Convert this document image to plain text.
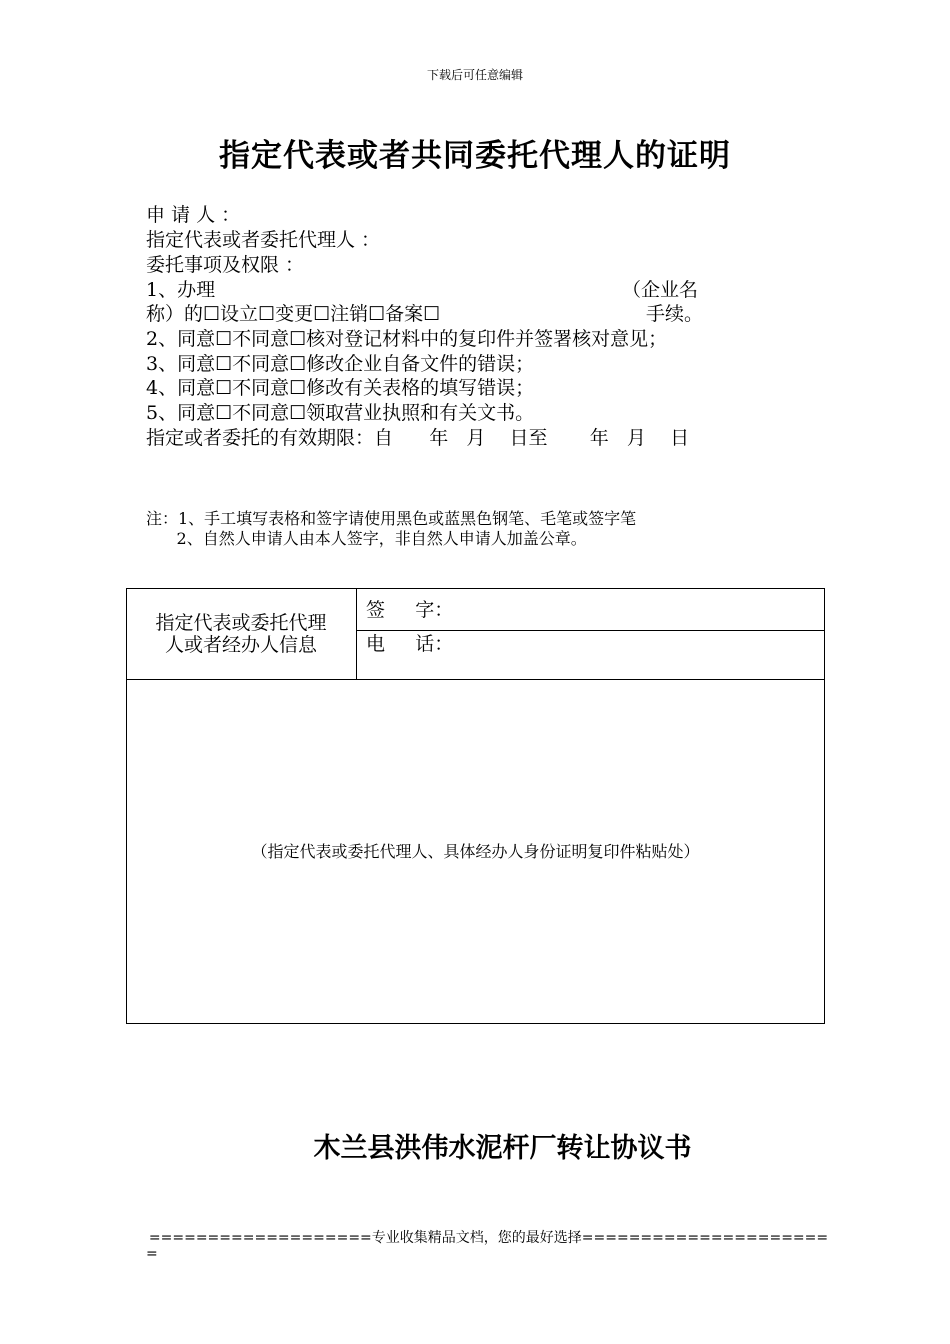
下载后可任意编辑
指定代表或者共同委托代理人的证明
申 请 人 ：
指定代表或者委托代理人 ：
委托事项及权限 ：
1、办理	（企业名
称）的☐设立☐变更☐注销☐备案☐	手续。
2、同意☐不同意☐核对登记材料中的复印件并签署核对意见；
3、同意☐不同意☐修改企业自备文件的错误；
4、同意☐不同意☐修改有关表格的填写错误；
5、同意☐不同意☐领取营业执照和有关文书。
指定或者委托的有效期限：自      年   月    日至       年   月    日
注：1、手工填写表格和签字请使用黑色或蓝黑色钢笔、毛笔或签字笔
2、自然人申请人由本人签字，非自然人申请人加盖公章。
指定代表或委托代理
人或者经办人信息
签     字：
电     话：
（指定代表或委托代理人、具体经办人身份证明复印件粘贴处）
木兰县洪伟水泥杆厂转让协议书
===================专业收集精品文档，您的最好选择=====================
=
